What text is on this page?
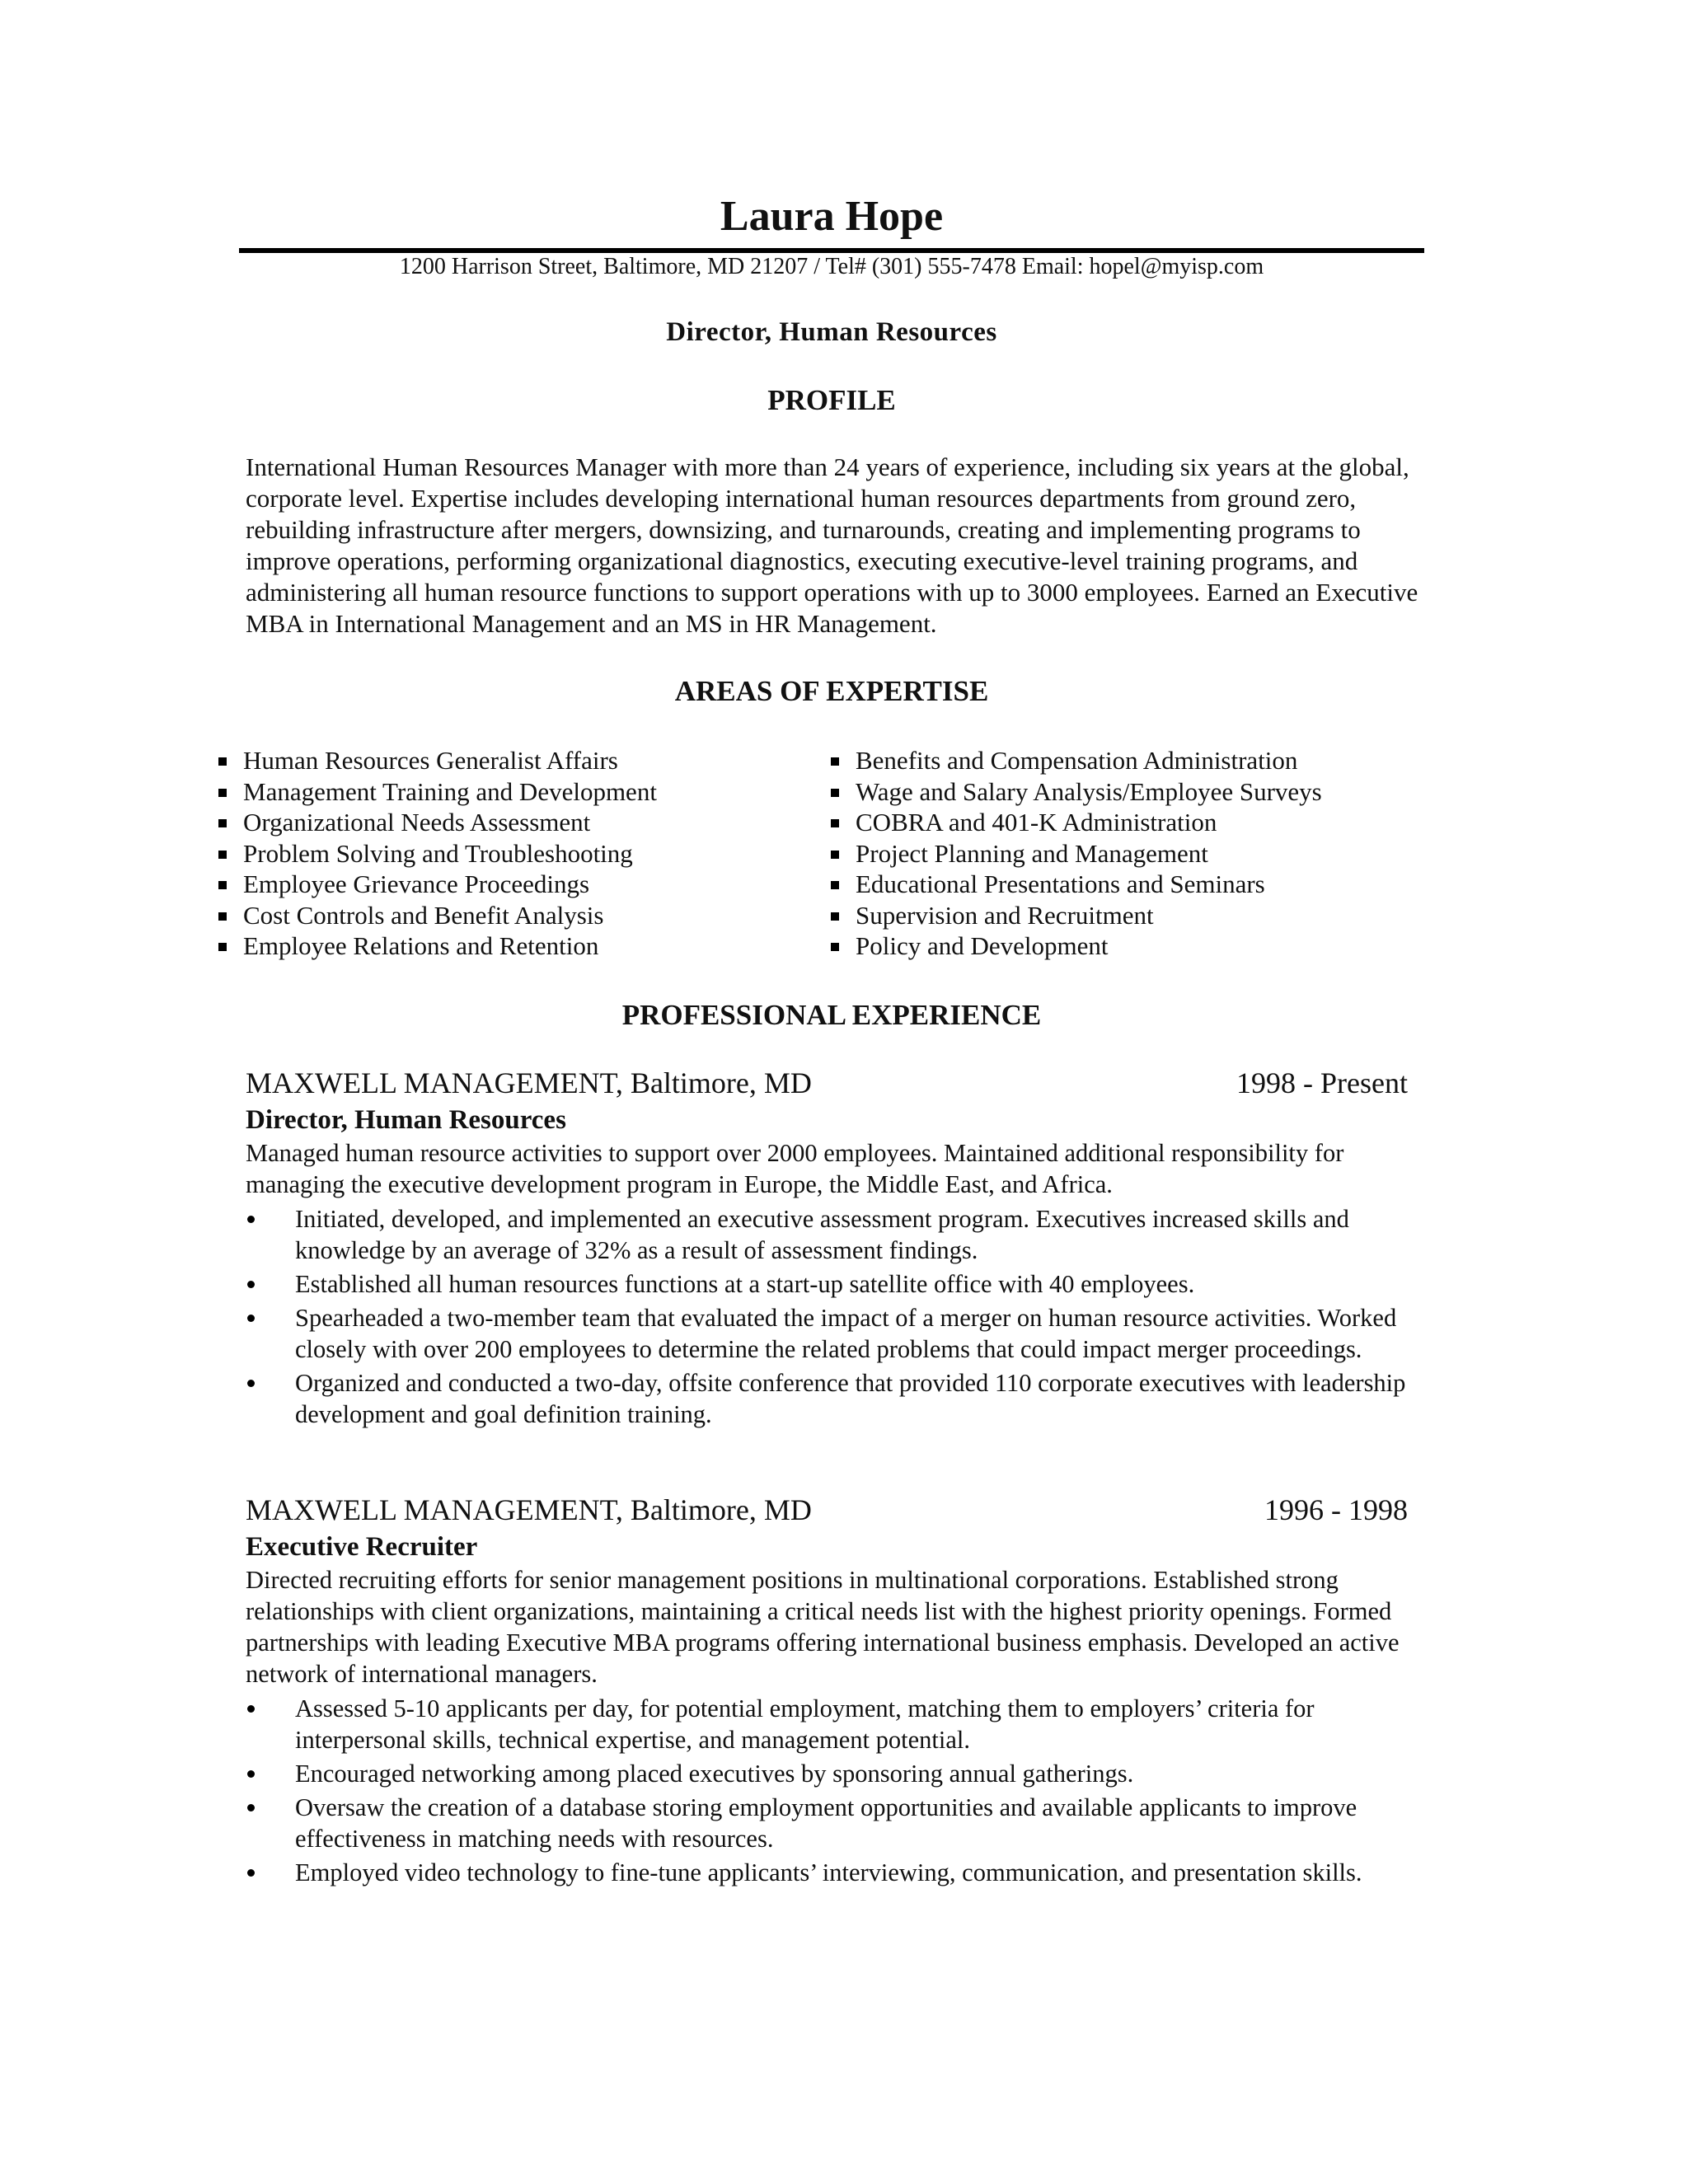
Laura Hope
1200 Harrison Street, Baltimore, MD 21207 / Tel# (301) 555-7478 Email: hopel@myisp.com
Director, Human Resources
PROFILE

International Human Resources Manager with more than 24 years of experience, including six years at the global, corporate level. Expertise includes developing international human resources departments from ground zero, rebuilding infrastructure after mergers, downsizing, and turnarounds, creating and implementing programs to improve operations, performing organizational diagnostics, executing executive-level training programs, and administering all human resource functions to support operations with up to 3000 employees. Earned an Executive MBA in International Management and an MS in HR Management.

AREAS OF EXPERTISE
Human Resources Generalist Affairs
Management Training and Development
Organizational Needs Assessment
Problem Solving and Troubleshooting
Employee Grievance Proceedings
Cost Controls and Benefit Analysis
Employee Relations and Retention
Benefits and Compensation Administration
Wage and Salary Analysis/Employee Surveys
COBRA and 401-K Administration
Project Planning and Management
Educational Presentations and Seminars
Supervision and Recruitment
Policy and Development
PROFESSIONAL EXPERIENCE
MAXWELL MANAGEMENT, Baltimore, MD	1998 - Present
Director, Human Resources

Managed human resource activities to support over 2000 employees. Maintained additional responsibility for managing the executive development program in Europe, the Middle East, and Africa.

Initiated, developed, and implemented an executive assessment program. Executives increased skills and knowledge by an average of 32% as a result of assessment findings.
Established all human resources functions at a start-up satellite office with 40 employees.
Spearheaded a two-member team that evaluated the impact of a merger on human resource activities. Worked closely with over 200 employees to determine the related problems that could impact merger proceedings.
Organized and conducted a two-day, offsite conference that provided 110 corporate executives with leadership development and goal definition training.
MAXWELL MANAGEMENT, Baltimore, MD	1996 - 1998
Executive Recruiter

Directed recruiting efforts for senior management positions in multinational corporations. Established strong relationships with client organizations, maintaining a critical needs list with the highest priority openings. Formed partnerships with leading Executive MBA programs offering international business emphasis. Developed an active network of international managers.

Assessed 5-10 applicants per day, for potential employment, matching them to employers’ criteria for interpersonal skills, technical expertise, and management potential.
Encouraged networking among placed executives by sponsoring annual gatherings.
Oversaw the creation of a database storing employment opportunities and available applicants to improve effectiveness in matching needs with resources.
Employed video technology to fine-tune applicants’ interviewing, communication, and presentation skills.
